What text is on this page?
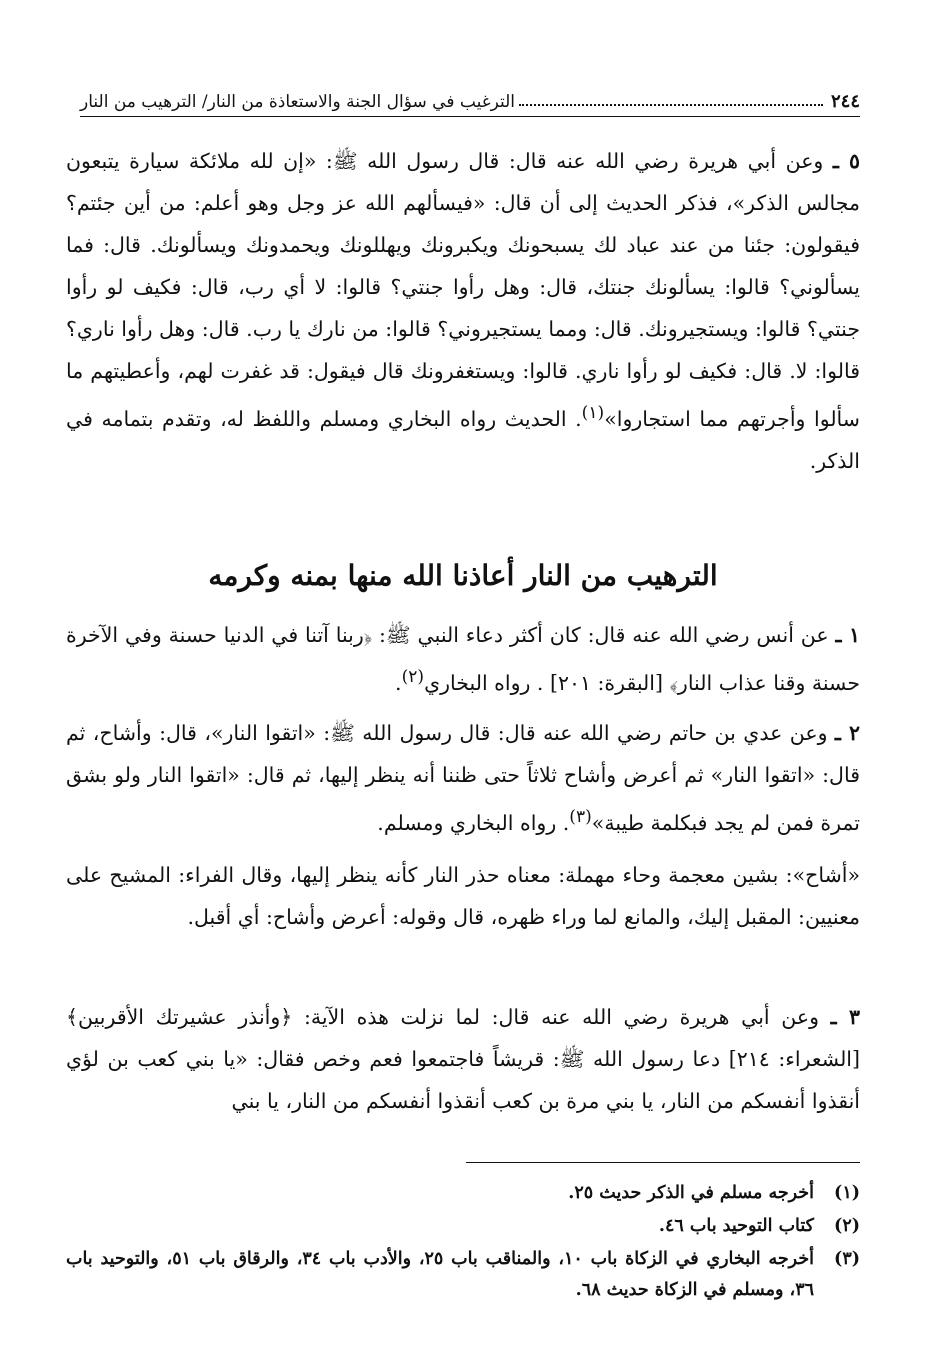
٢٤٤
الترغيب في سؤال الجنة والاستعاذة من النار/ الترهيب من النار

٥ ـ وعن أبي هريرة رضي الله عنه قال: قال رسول الله ﷺ: «إن لله ملائكة سيارة يتبعون مجالس الذكر»، فذكر الحديث إلى أن قال: «فيسألهم الله عز وجل وهو أعلم: من أين جئتم؟ فيقولون: جئنا من عند عباد لك يسبحونك ويكبرونك ويهللونك ويحمدونك ويسألونك. قال: فما يسألوني؟ قالوا: يسألونك جنتك، قال: وهل رأوا جنتي؟ قالوا: لا أي رب، قال: فكيف لو رأوا جنتي؟ قالوا: ويستجيرونك. قال: ومما يستجيروني؟ قالوا: من نارك يا رب. قال: وهل رأوا ناري؟ قالوا: لا. قال: فكيف لو رأوا ناري. قالوا: ويستغفرونك قال فيقول: قد غفرت لهم، وأعطيتهم ما سألوا وأجرتهم مما استجاروا»$^{(١)}$. الحديث رواه البخاري ومسلم واللفظ له، وتقدم بتمامه في الذكر.

الترهيب من النار أعاذنا الله منها بمنه وكرمه

١ ـ عن أنس رضي الله عنه قال: كان أكثر دعاء النبي ﷺ: ﴿ربنا آتنا في الدنيا حسنة وفي الآخرة حسنة وقنا عذاب النار﴾ [البقرة: ٢٠١] . رواه البخاري$^{(٢)}$.

٢ ـ وعن عدي بن حاتم رضي الله عنه قال: قال رسول الله ﷺ: «اتقوا النار»، قال: وأشاح، ثم قال: «اتقوا النار» ثم أعرض وأشاح ثلاثاً حتى ظننا أنه ينظر إليها، ثم قال: «اتقوا النار ولو بشق تمرة فمن لم يجد فبكلمة طيبة»$^{(٣)}$. رواه البخاري ومسلم.

«أشاح»: بشين معجمة وحاء مهملة: معناه حذر النار كأنه ينظر إليها، وقال الفراء: المشيح على معنيين: المقبل إليك، والمانع لما وراء ظهره، قال وقوله: أعرض وأشاح: أي أقبل.

٣ ـ وعن أبي هريرة رضي الله عنه قال: لما نزلت هذه الآية: ﴿وأنذر عشيرتك الأقربين﴾ [الشعراء: ٢١٤] دعا رسول الله ﷺ: قريشاً فاجتمعوا فعم وخص فقال: «يا بني كعب بن لؤي أنقذوا أنفسكم من النار، يا بني مرة بن كعب أنقذوا أنفسكم من النار، يا بني

(١)
أخرجه مسلم في الذكر حديث ٢٥.
(٢)
كتاب التوحيد باب ٤٦.
(٣)
أخرجه البخاري في الزكاة باب ١٠، والمناقب باب ٢٥، والأدب باب ٣٤، والرقاق باب ٥١، والتوحيد باب ٣٦، ومسلم في الزكاة حديث ٦٨.
